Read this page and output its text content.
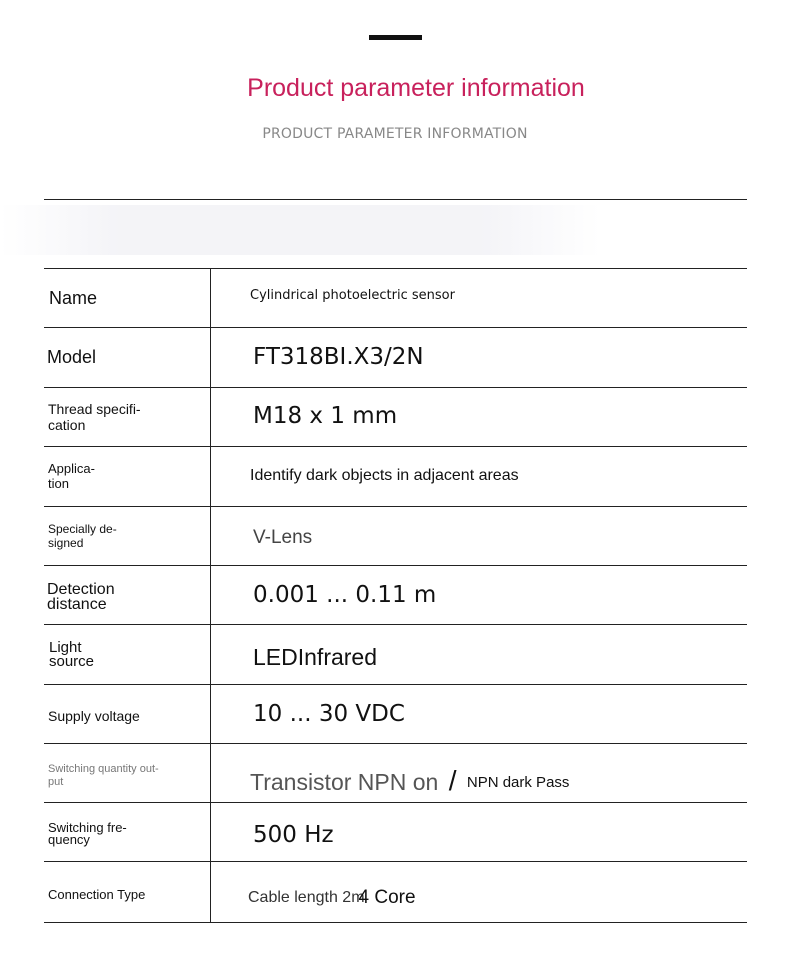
Product parameter information
PRODUCT PARAMETER INFORMATION
Name	Cylindrical photoelectric sensor
Model	FT318BI.X3/2N
Thread specifi-
cation	M18 x 1 mm
Applica-
tion	Identify dark objects in adjacent areas
Specially de-
signed	V-Lens
Detection
distance	0.001 ... 0.11 m
Light
source	LEDInfrared
Supply voltage	10 ... 30 VDC
Switching quantity out-
put	Transistor NPN on / NPN dark Pass
Switching fre-
quency	500 Hz
Connection Type	Cable length 2m4 Core
